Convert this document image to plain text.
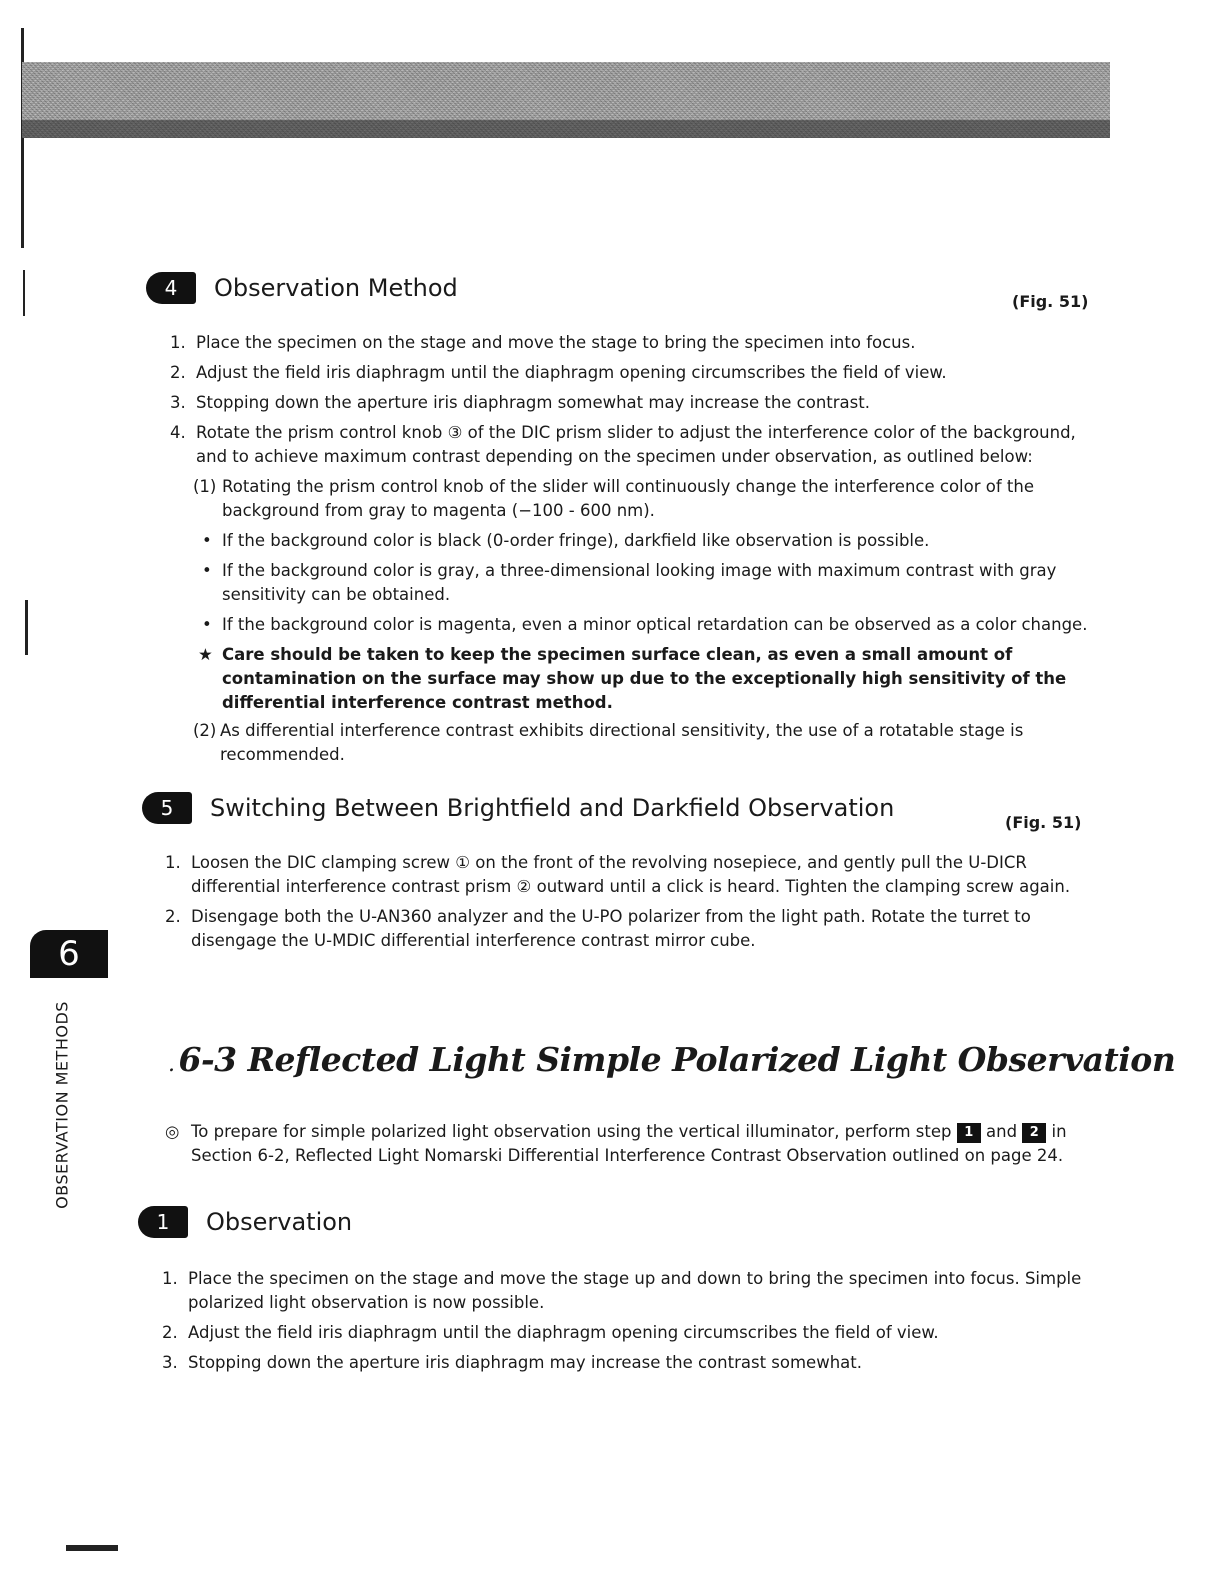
6
OBSERVATION METHODS
4	Observation Method	(Fig. 51)
1. Place the specimen on the stage and move the stage to bring the specimen into focus.
2. Adjust the field iris diaphragm until the diaphragm opening circumscribes the field of view.
3. Stopping down the aperture iris diaphragm somewhat may increase the contrast.
4. Rotate the prism control knob ③ of the DIC prism slider to adjust the interference color of the background, and to achieve maximum contrast depending on the specimen under observation, as outlined below:
(1) Rotating the prism control knob of the slider will continuously change the interference color of the background from gray to magenta (−100 - 600 nm).
• If the background color is black (0-order fringe), darkfield like observation is possible.
• If the background color is gray, a three-dimensional looking image with maximum contrast with gray sensitivity can be obtained.
• If the background color is magenta, even a minor optical retardation can be observed as a color change.
★ Care should be taken to keep the specimen surface clean, as even a small amount of contamination on the surface may show up due to the exceptionally high sensitivity of the differential interference contrast method.
(2) As differential interference contrast exhibits directional sensitivity, the use of a rotatable stage is recommended.
5	Switching Between Brightfield and Darkfield Observation
(Fig. 51)
1. Loosen the DIC clamping screw ① on the front of the revolving nosepiece, and gently pull the U-DICR differential interference contrast prism ② outward until a click is heard. Tighten the clamping screw again.
2. Disengage both the U-AN360 analyzer and the U-PO polarizer from the light path. Rotate the turret to disengage the U-MDIC differential interference contrast mirror cube.
. 6-3 Reflected Light Simple Polarized Light Observation
◎ To prepare for simple polarized light observation using the vertical illuminator, perform step 1 and 2 in Section 6-2, Reflected Light Nomarski Differential Interference Contrast Observation outlined on page 24.
1	Observation
1. Place the specimen on the stage and move the stage up and down to bring the specimen into focus. Simple polarized light observation is now possible.
2. Adjust the field iris diaphragm until the diaphragm opening circumscribes the field of view.
3. Stopping down the aperture iris diaphragm may increase the contrast somewhat.
